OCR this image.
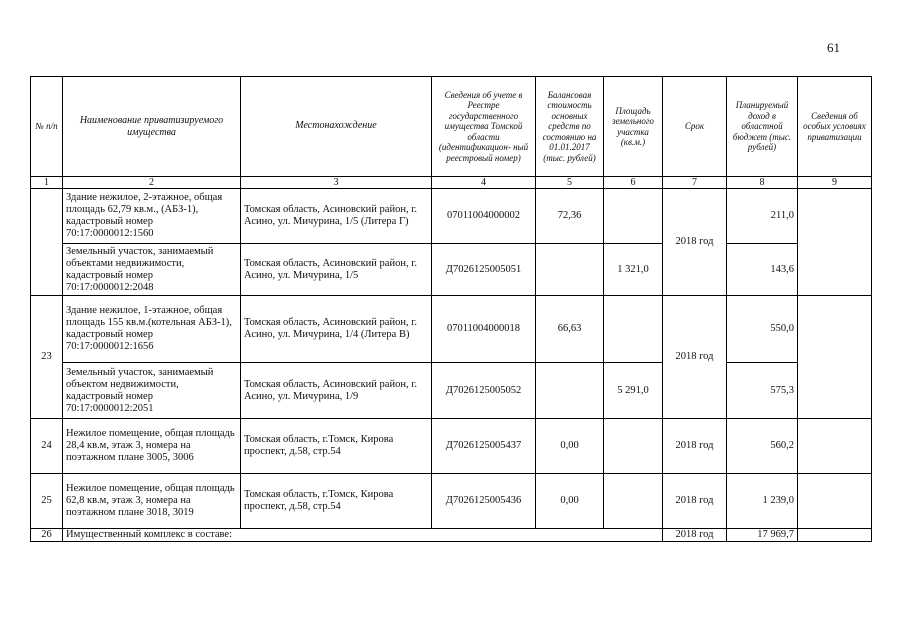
61
№ п/п	Наименование приватизируемого имущества	Местонахождение	Сведения об учете в Реестре государственного имущества Томской области (идентификацион- ный реестровый номер)	Балансовая стоимость основных средств по состоянию на 01.01.2017 (тыс. рублей)	Площадь земельного участка (кв.м.)	Срок	Планируемый доход в областной бюджет (тыс. рублей)	Сведения об особых условиях приватизации
1	2	3	4	5	6	7	8	9
	Здание нежилое, 2-этажное, общая площадь 62,79 кв.м., (АБЗ-1), кадастровый номер 70:17:0000012:1560	Томская область, Асиновский район, г. Асино, ул. Мичурина, 1/5 (Литера Г)	07011004000002	72,36		2018 год	211,0	
	Земельный участок, занимаемый объектами недвижимости, кадастровый номер 70:17:0000012:2048	Томская область, Асиновский район, г. Асино, ул. Мичурина, 1/5	Д7026125005051		1 321,0		143,6	
23	Здание нежилое, 1-этажное, общая площадь 155 кв.м.(котельная АБЗ-1), кадастровый номер 70:17:0000012:1656	Томская область, Асиновский район, г. Асино, ул. Мичурина, 1/4 (Литера В)	07011004000018	66,63		2018 год	550,0	
	Земельный участок, занимаемый объектом недвижимости, кадастровый номер 70:17:0000012:2051	Томская область, Асиновский район, г. Асино, ул. Мичурина, 1/9	Д7026125005052		5 291,0		575,3	
24	Нежилое помещение, общая площадь 28,4 кв.м, этаж 3, номера на поэтажном плане 3005, 3006	Томская область, г.Томск, Кирова проспект, д.58, стр.54	Д7026125005437	0,00		2018 год	560,2	
25	Нежилое помещение, общая площадь 62,8 кв.м, этаж 3, номера на поэтажном плане 3018, 3019	Томская область, г.Томск, Кирова проспект, д.58, стр.54	Д7026125005436	0,00		2018 год	1 239,0	
26	Имущественный комплекс в составе:					2018 год	17 969,7	
